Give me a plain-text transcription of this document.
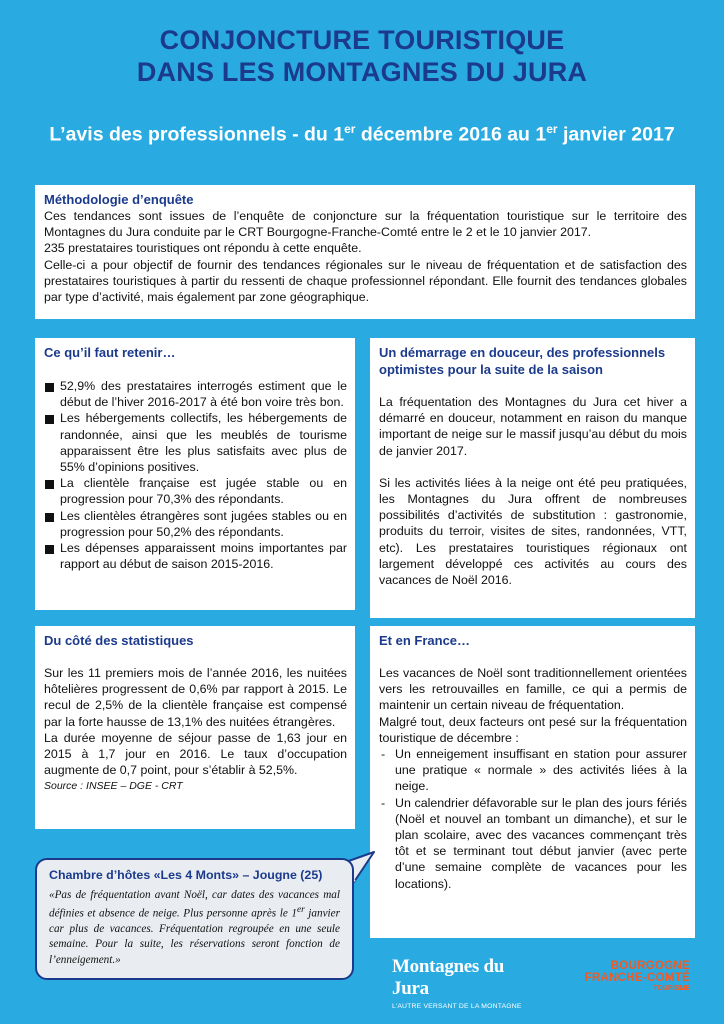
CONJONCTURE TOURISTIQUE
DANS LES MONTAGNES DU JURA
L’avis des professionnels - du 1er décembre 2016 au 1er janvier 2017
Méthodologie d’enquête

Ces tendances sont issues de l’enquête de conjoncture sur la fréquentation touristique sur le territoire des Montagnes du Jura conduite par le CRT Bourgogne-Franche-Comté entre le 2 et le 10 janvier 2017.

235 prestataires touristiques ont répondu à cette enquête.

Celle-ci a pour objectif de fournir des tendances régionales sur le niveau de fréquentation et de satisfaction des prestataires touristiques à partir du ressenti de chaque professionnel répondant. Elle fournit des tendances globales par type d’activité, mais également par zone géographique.

Ce qu’il faut retenir…
52,9% des prestataires interrogés estiment que le début de l’hiver 2016-2017 à été bon voire très bon.
Les hébergements collectifs, les hébergements de randonnée, ainsi que les meublés de tourisme apparaissent être les plus satisfaits avec plus de 55% d’opinions positives.
La clientèle française est jugée stable ou en progression pour 70,3% des répondants.
Les clientèles étrangères sont jugées stables ou en progression pour 50,2% des répondants.
Les dépenses apparaissent moins importantes par rapport au début de saison 2015-2016.
Un démarrage en douceur, des professionnels optimistes pour la suite de la saison

La fréquentation des Montagnes du Jura cet hiver a démarré en douceur, notamment en raison du manque important de neige sur le massif jusqu’au début du mois de janvier 2017.

Si les activités liées à la neige ont été peu pratiquées, les Montagnes du Jura offrent de nombreuses possibilités d’activités de substitution : gastronomie, produits du terroir, visites de sites, randonnées, VTT, etc). Les prestataires touristiques régionaux ont largement développé ces activités au cours des vacances de Noël 2016.

Du côté des statistiques

Sur les 11 premiers mois de l’année 2016, les nuitées hôtelières progressent de 0,6% par rapport à 2015. Le recul de 2,5% de la clientèle française est compensé par la forte hausse de 13,1% des nuitées étrangères.

La durée moyenne de séjour passe de 1,63 jour en 2015 à 1,7 jour en 2016. Le taux d’occupation augmente de 0,7 point, pour s’établir à 52,5%.

Source : INSEE – DGE - CRT

Et en France…

Les vacances de Noël sont traditionnellement orientées vers les retrouvailles en famille, ce qui a permis de maintenir un certain niveau de fréquentation.

Malgré tout, deux facteurs ont pesé sur la fréquentation touristique de décembre :

- Un enneigement insuffisant en station pour assurer une pratique « normale » des activités liées à la neige.
- Un calendrier défavorable sur le plan des jours fériés (Noël et nouvel an tombant un dimanche), et sur le plan scolaire, avec des vacances commençant très tôt et se terminant tout début janvier (avec perte d’une semaine complète de vacances pour les locations).
Chambre d’hôtes «Les 4 Monts» – Jougne (25)

«Pas de fréquentation avant Noël, car dates des vacances mal définies et absence de neige. Plus personne après le 1er janvier car plus de vacances. Fréquentation regroupée en une seule semaine. Pour la suite, les réservations seront fonction de l’enneigement.»	Montagnes du Jura
L’AUTRE VERSANT DE LA MONTAGNE
BOURGOGNE
FRANCHE-COMTÉ
TOURISME
